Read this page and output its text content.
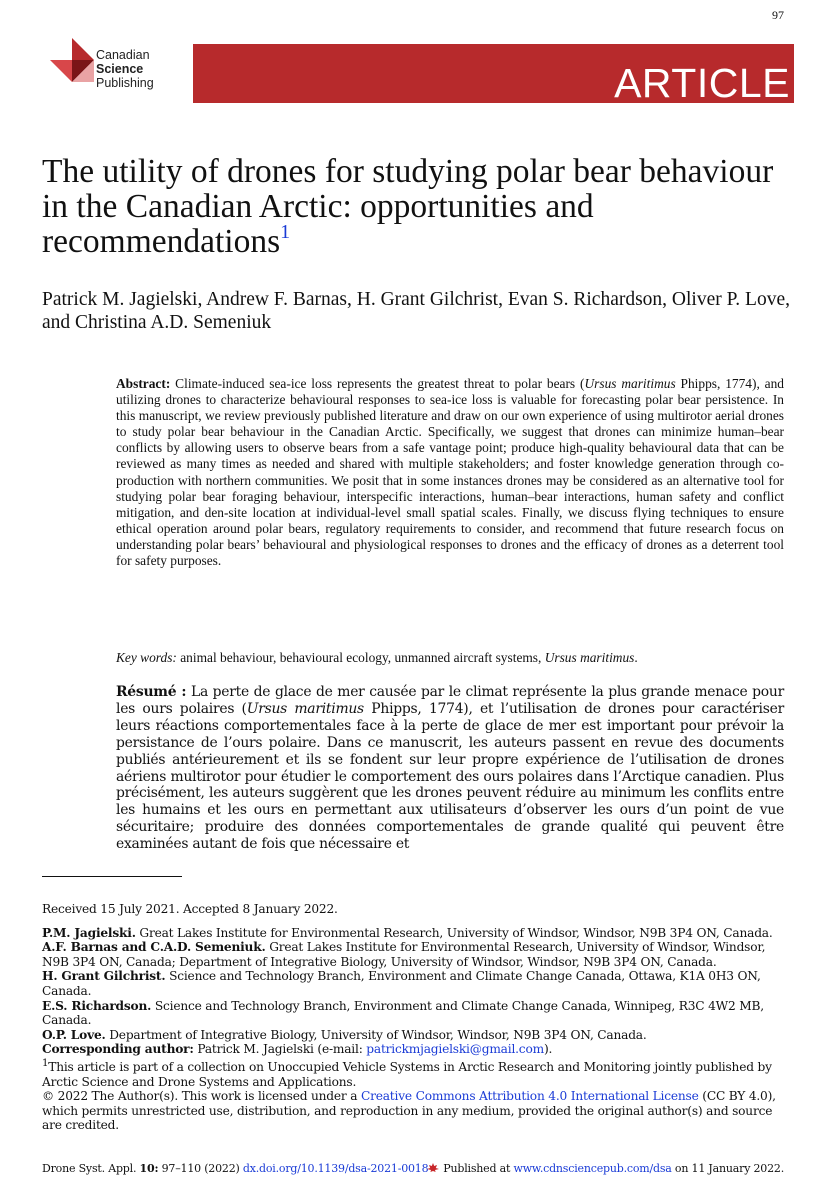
97
Canadian
Science
Publishing	ARTICLE
The utility of drones for studying polar bear behaviour in the Canadian Arctic: opportunities and recommendations$^1$
Patrick M. Jagielski, Andrew F. Barnas, H. Grant Gilchrist, Evan S. Richardson, Oliver P. Love, and Christina A.D. Semeniuk
Abstract: Climate-induced sea-ice loss represents the greatest threat to polar bears (Ursus maritimus Phipps, 1774), and utilizing drones to characterize behavioural responses to sea-ice loss is valuable for forecasting polar bear persistence. In this manuscript, we review previously published literature and draw on our own experience of using multirotor aerial drones to study polar bear behaviour in the Canadian Arctic. Specifically, we suggest that drones can minimize human–bear conflicts by allowing users to observe bears from a safe vantage point; produce high-quality behavioural data that can be reviewed as many times as needed and shared with multiple stakeholders; and foster knowledge generation through co-production with northern communities. We posit that in some instances drones may be considered as an alternative tool for studying polar bear foraging behaviour, interspecific interactions, human–bear interactions, human safety and conflict mitigation, and den-site location at individual-level small spatial scales. Finally, we discuss flying techniques to ensure ethical operation around polar bears, regulatory requirements to consider, and recommend that future research focus on understanding polar bears’ behavioural and physiological responses to drones and the efficacy of drones as a deterrent tool for safety purposes.
Key words: animal behaviour, behavioural ecology, unmanned aircraft systems, Ursus maritimus.
Résumé : La perte de glace de mer causée par le climat représente la plus grande menace pour les ours polaires (Ursus maritimus Phipps, 1774), et l’utilisation de drones pour caractériser leurs réactions comportementales face à la perte de glace de mer est important pour prévoir la persistance de l’ours polaire. Dans ce manuscrit, les auteurs passent en revue des documents publiés antérieurement et ils se fondent sur leur propre expérience de l’utilisation de drones aériens multirotor pour étudier le comportement des ours polaires dans l’Arctique canadien. Plus précisément, les auteurs suggèrent que les drones peuvent réduire au minimum les conflits entre les humains et les ours en permettant aux utilisateurs d’observer les ours d’un point de vue sécuritaire; produire des données comportementales de grande qualité qui peuvent être examinées autant de fois que nécessaire et

Received 15 July 2021. Accepted 8 January 2022.

P.M. Jagielski. Great Lakes Institute for Environmental Research, University of Windsor, Windsor, N9B 3P4 ON, Canada.

A.F. Barnas and C.A.D. Semeniuk. Great Lakes Institute for Environmental Research, University of Windsor, Windsor, N9B 3P4 ON, Canada; Department of Integrative Biology, University of Windsor, Windsor, N9B 3P4 ON, Canada.

H. Grant Gilchrist. Science and Technology Branch, Environment and Climate Change Canada, Ottawa, K1A 0H3 ON, Canada.

E.S. Richardson. Science and Technology Branch, Environment and Climate Change Canada, Winnipeg, R3C 4W2 MB, Canada.

O.P. Love. Department of Integrative Biology, University of Windsor, Windsor, N9B 3P4 ON, Canada.

Corresponding author: Patrick M. Jagielski (e-mail: patrickmjagielski@gmail.com).

$^1$This article is part of a collection on Unoccupied Vehicle Systems in Arctic Research and Monitoring jointly published by Arctic Science and Drone Systems and Applications.

© 2022 The Author(s). This work is licensed under a Creative Commons Attribution 4.0 International License (CC BY 4.0), which permits unrestricted use, distribution, and reproduction in any medium, provided the original author(s) and source are credited.

Drone Syst. Appl. 10: 97–110 (2022) dx.doi.org/10.1139/dsa-2021-0018	Published at www.cdnsciencepub.com/dsa on 11 January 2022.
